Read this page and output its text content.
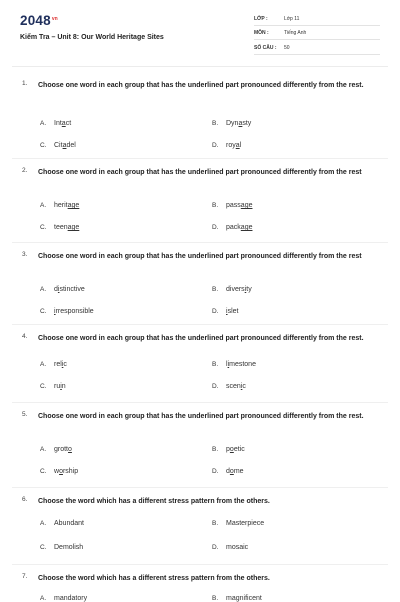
$2048^{vn}$
Kiểm Tra – Unit 8: Our World Heritage Sites
LỚP :	Lớp 11
MÔN :	Tiếng Anh
SỐ CÂU : 50
1. Choose one word in each group that has the underlined part pronounced differently from the rest.
A. Intact	B. Dynasty
C. Citadel	D. royal
2. Choose one word in each group that has the underlined part pronounced differently from the rest
A. heritage	B. passage
C. teenage	D. package
3. Choose one word in each group that has the underlined part pronounced differently from the rest
A. distinctive	B. diversity
C. irresponsible	D. islet
4. Choose one word in each group that has the underlined part pronounced differently from the rest.
A. relic	B. limestone
C. ruin	D. scenic
5. Choose one word in each group that has the underlined part pronounced differently from the rest.
A. grotto	B. poetic
C. worship	D. dome
6. Choose the word which has a different stress pattern from the others.
A. Abundant	B. Masterpiece
C. Demolish	D. mosaic
7. Choose the word which has a different stress pattern from the others.
A. mandatory	B. magnificent
